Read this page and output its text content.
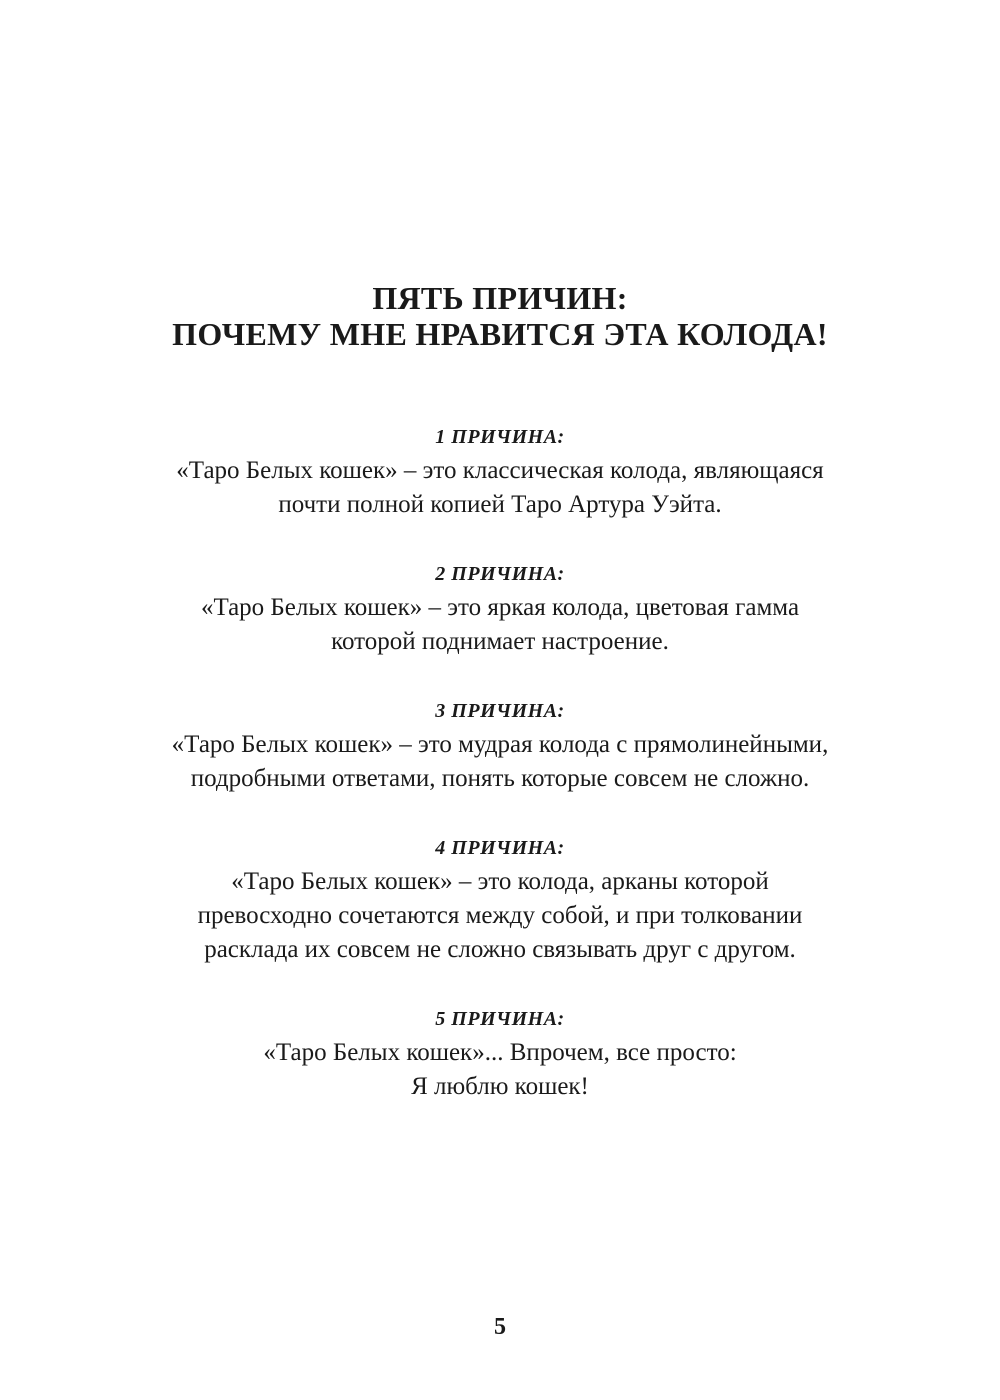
ПЯТЬ ПРИЧИН:
ПОЧЕМУ МНЕ НРАВИТСЯ ЭТА КОЛОДА!
1 ПРИЧИНА:
«Таро Белых кошек» – это классическая колода, являющаяся
почти полной копией Таро Артура Уэйта.
2 ПРИЧИНА:
«Таро Белых кошек» – это яркая колода, цветовая гамма
которой поднимает настроение.
3 ПРИЧИНА:
«Таро Белых кошек» – это мудрая колода с прямолинейными,
подробными ответами, понять которые совсем не сложно.
4 ПРИЧИНА:
«Таро Белых кошек» – это колода, арканы которой
превосходно сочетаются между собой, и при толковании
расклада их совсем не сложно связывать друг с другом.
5 ПРИЧИНА:
«Таро Белых кошек»... Впрочем, все просто:
Я люблю кошек!
5
